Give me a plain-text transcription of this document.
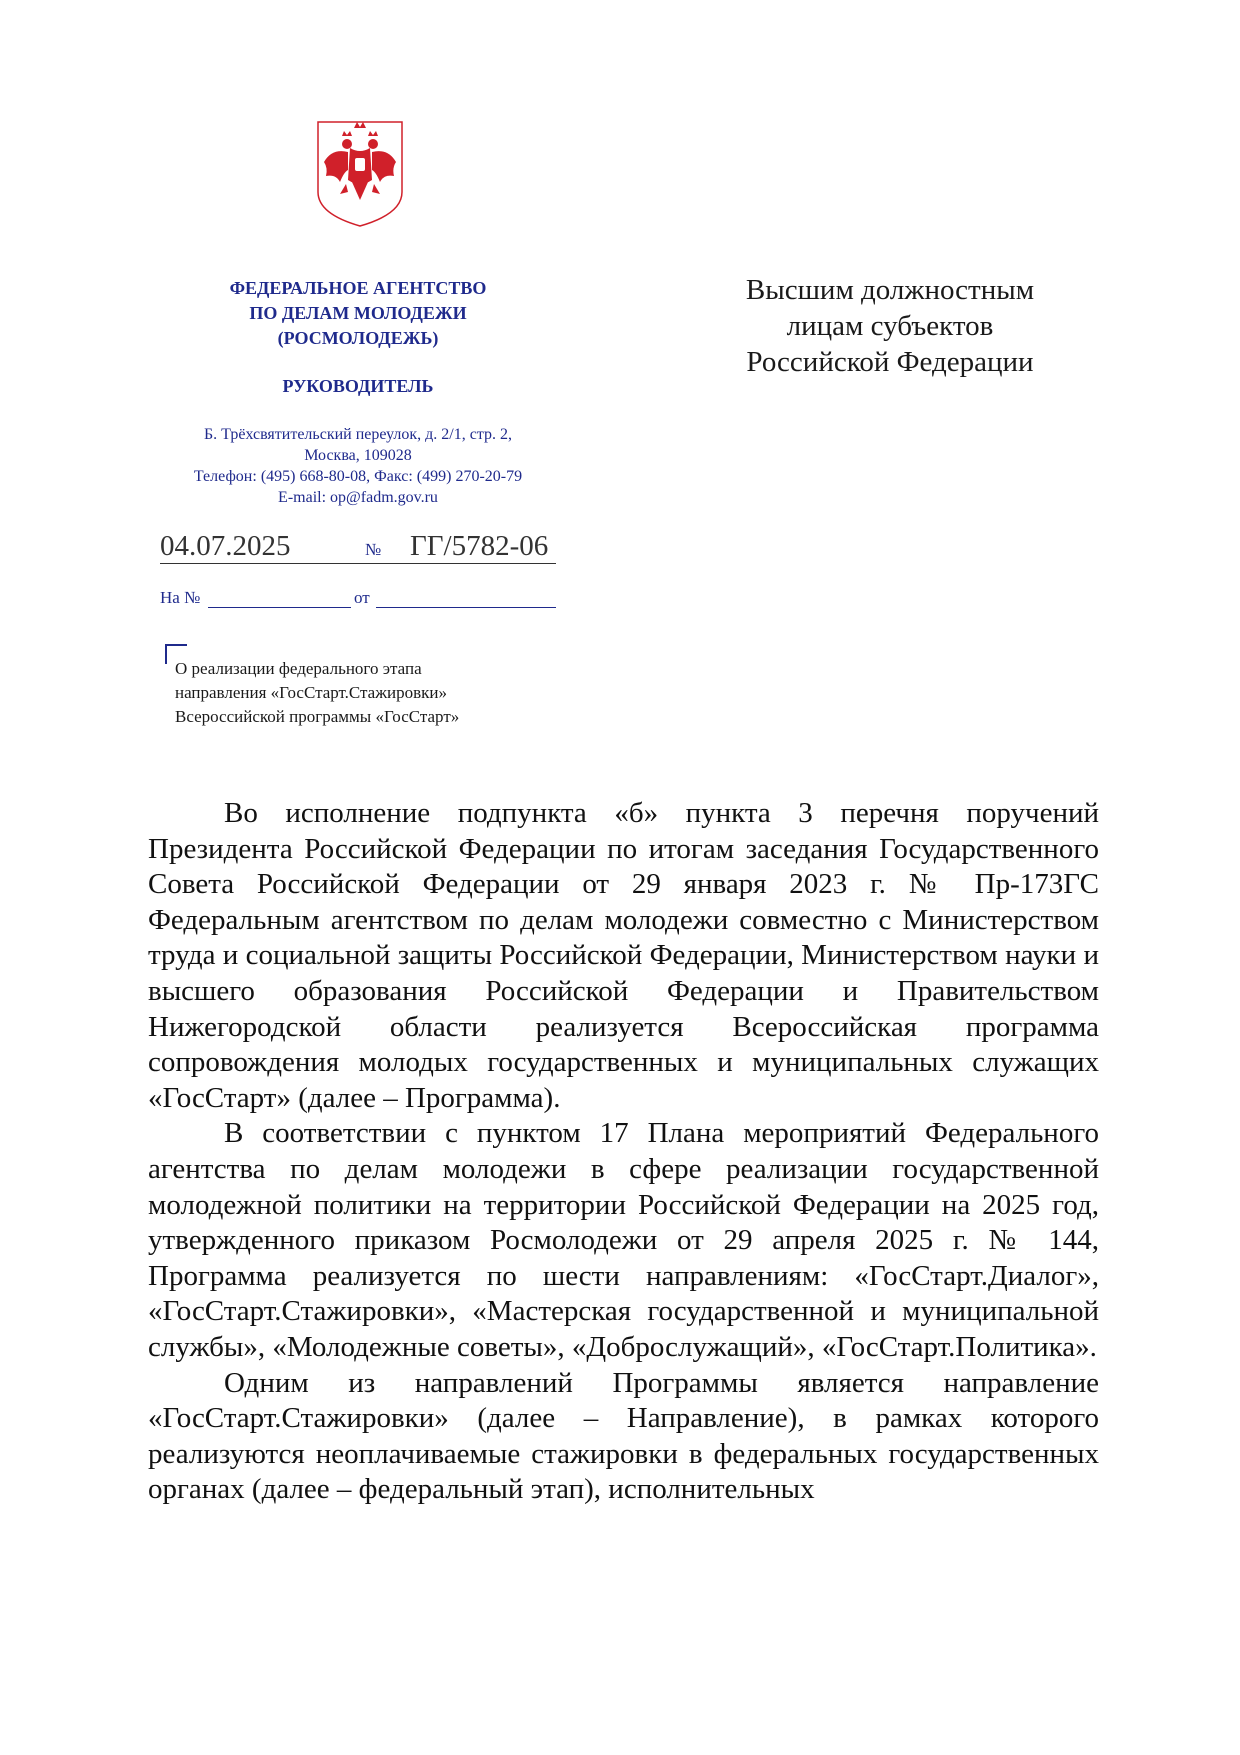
ФЕДЕРАЛЬНОЕ АГЕНТСТВО
ПО ДЕЛАМ МОЛОДЕЖИ
(РОСМОЛОДЕЖЬ)
РУКОВОДИТЕЛЬ
Б. Трёхсвятительский переулок, д. 2/1, стр. 2,
Москва, 109028
Телефон: (495) 668-80-08, Факс: (499) 270-20-79
E-mail: op@fadm.gov.ru
04.07.2025	№ ГГ/5782-06
На №	от
О реализации федерального этапа
направления «ГосСтарт.Стажировки»
Всероссийской программы «ГосСтарт»
Высшим должностным
лицам субъектов
Российской Федерации

Во исполнение подпункта «б» пункта 3 перечня поручений Президента Российской Федерации по итогам заседания Государственного Совета Российской Федерации от 29 января 2023 г. № Пр-173ГС Федеральным агентством по делам молодежи совместно с Министерством труда и социальной защиты Российской Федерации, Министерством науки и высшего образования Российской Федерации и Правительством Нижегородской области реализуется Всероссийская программа сопровождения молодых государственных и муниципальных служащих «ГосСтарт» (далее – Программа).

В соответствии с пунктом 17 Плана мероприятий Федерального агентства по делам молодежи в сфере реализации государственной молодежной политики на территории Российской Федерации на 2025 год, утвержденного приказом Росмолодежи от 29 апреля 2025 г. № 144, Программа реализуется по шести направлениям: «ГосСтарт.Диалог», «ГосСтарт.Стажировки», «Мастерская государственной и муниципальной службы», «Молодежные советы», «Доброслужащий», «ГосСтарт.Политика».

Одним из направлений Программы является направление «ГосСтарт.Стажировки» (далее – Направление), в рамках которого реализуются неоплачиваемые стажировки в федеральных государственных органах (далее – федеральный этап), исполнительных
